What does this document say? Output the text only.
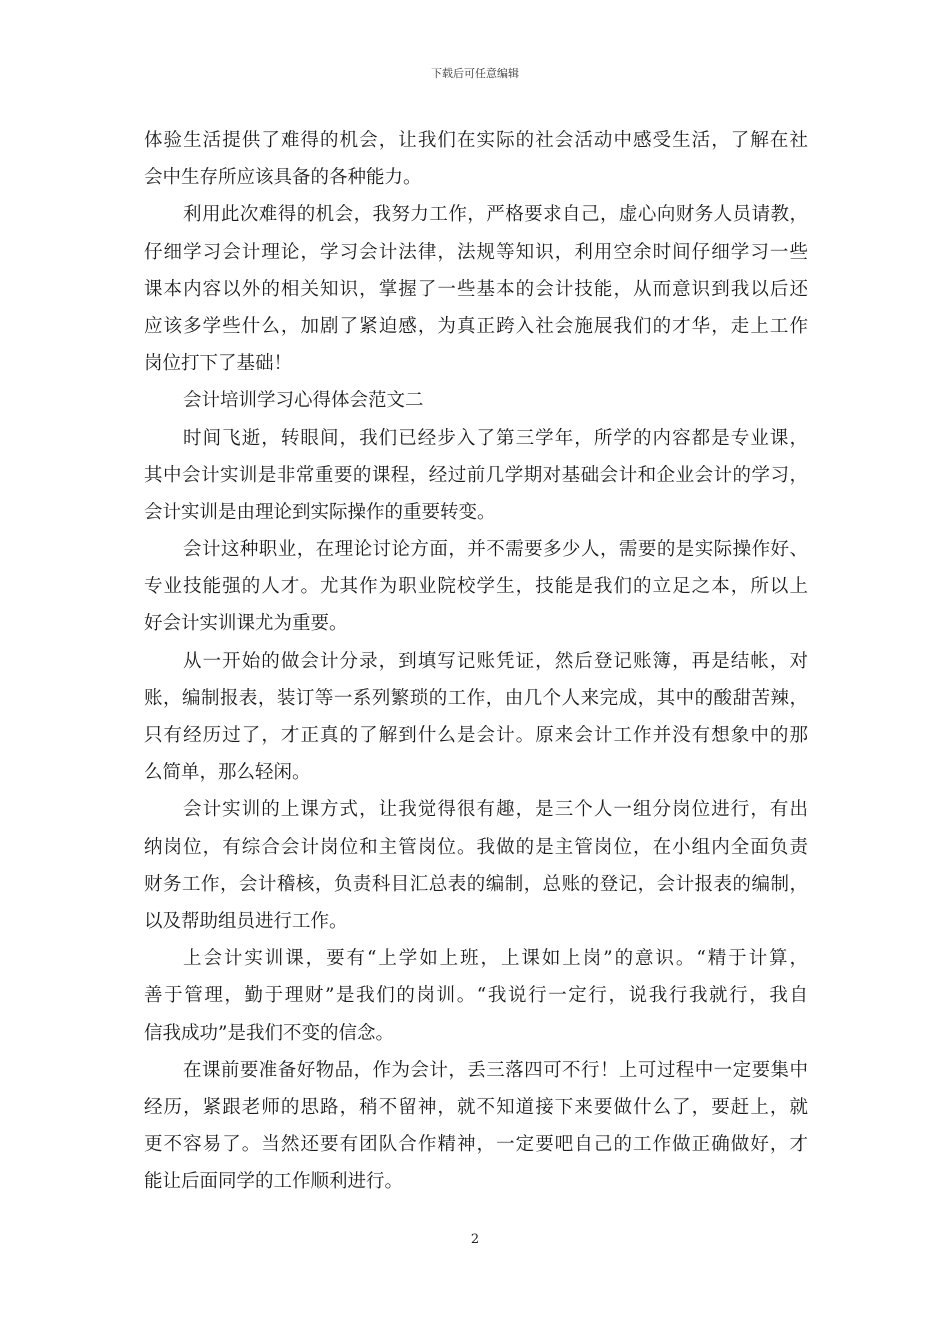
下载后可任意编辑
体验生活提供了难得的机会，让我们在实际的社会活动中感受生活，了解在社
会中生存所应该具备的各种能力。
利用此次难得的机会，我努力工作，严格要求自己，虚心向财务人员请教，
仔细学习会计理论，学习会计法律，法规等知识，利用空余时间仔细学习一些
课本内容以外的相关知识，掌握了一些基本的会计技能，从而意识到我以后还
应该多学些什么，加剧了紧迫感，为真正跨入社会施展我们的才华，走上工作
岗位打下了基础！
会计培训学习心得体会范文二
时间飞逝，转眼间，我们已经步入了第三学年，所学的内容都是专业课，
其中会计实训是非常重要的课程，经过前几学期对基础会计和企业会计的学习，
会计实训是由理论到实际操作的重要转变。
会计这种职业，在理论讨论方面，并不需要多少人，需要的是实际操作好、
专业技能强的人才。尤其作为职业院校学生，技能是我们的立足之本，所以上
好会计实训课尤为重要。
从一开始的做会计分录，到填写记账凭证，然后登记账簿，再是结帐，对
账，编制报表，装订等一系列繁琐的工作，由几个人来完成，其中的酸甜苦辣，
只有经历过了，才正真的了解到什么是会计。原来会计工作并没有想象中的那
么简单，那么轻闲。
会计实训的上课方式，让我觉得很有趣，是三个人一组分岗位进行，有出
纳岗位，有综合会计岗位和主管岗位。我做的是主管岗位，在小组内全面负责
财务工作，会计稽核，负责科目汇总表的编制，总账的登记，会计报表的编制，
以及帮助组员进行工作。
上会计实训课，要有“上学如上班，上课如上岗”的意识。“精于计算，
善于管理，勤于理财”是我们的岗训。“我说行一定行，说我行我就行，我自
信我成功”是我们不变的信念。
在课前要准备好物品，作为会计，丢三落四可不行！上可过程中一定要集中
经历，紧跟老师的思路，稍不留神，就不知道接下来要做什么了，要赶上，就
更不容易了。当然还要有团队合作精神，一定要吧自己的工作做正确做好，才
能让后面同学的工作顺利进行。
2
